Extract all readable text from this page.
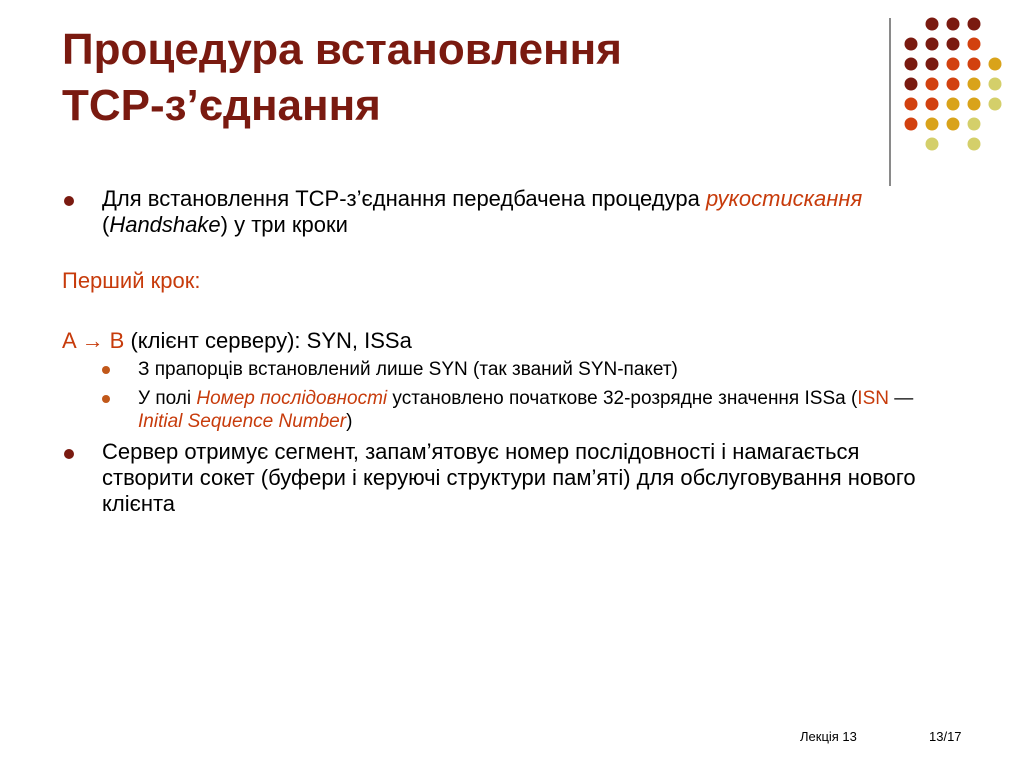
Процедура встановлення
TCP-з’єднання

Для встановлення TCP-з’єднання передбачена процедура рукостискання (Handshake) у три кроки

Перший крок:

A → B (клієнт серверу): SYN, ISSa

З прапорців встановлений лише SYN (так званий SYN-пакет)

У полі Номер послідовності установлено початкове 32-розрядне значення ISSa (ISN — Initial Sequence Number)

Сервер отримує сегмент, запам’ятовує номер послідовності і намагається створити сокет (буфери і керуючі структури пам’яті) для обслуговування нового клієнта

Лекція 13	13/17
